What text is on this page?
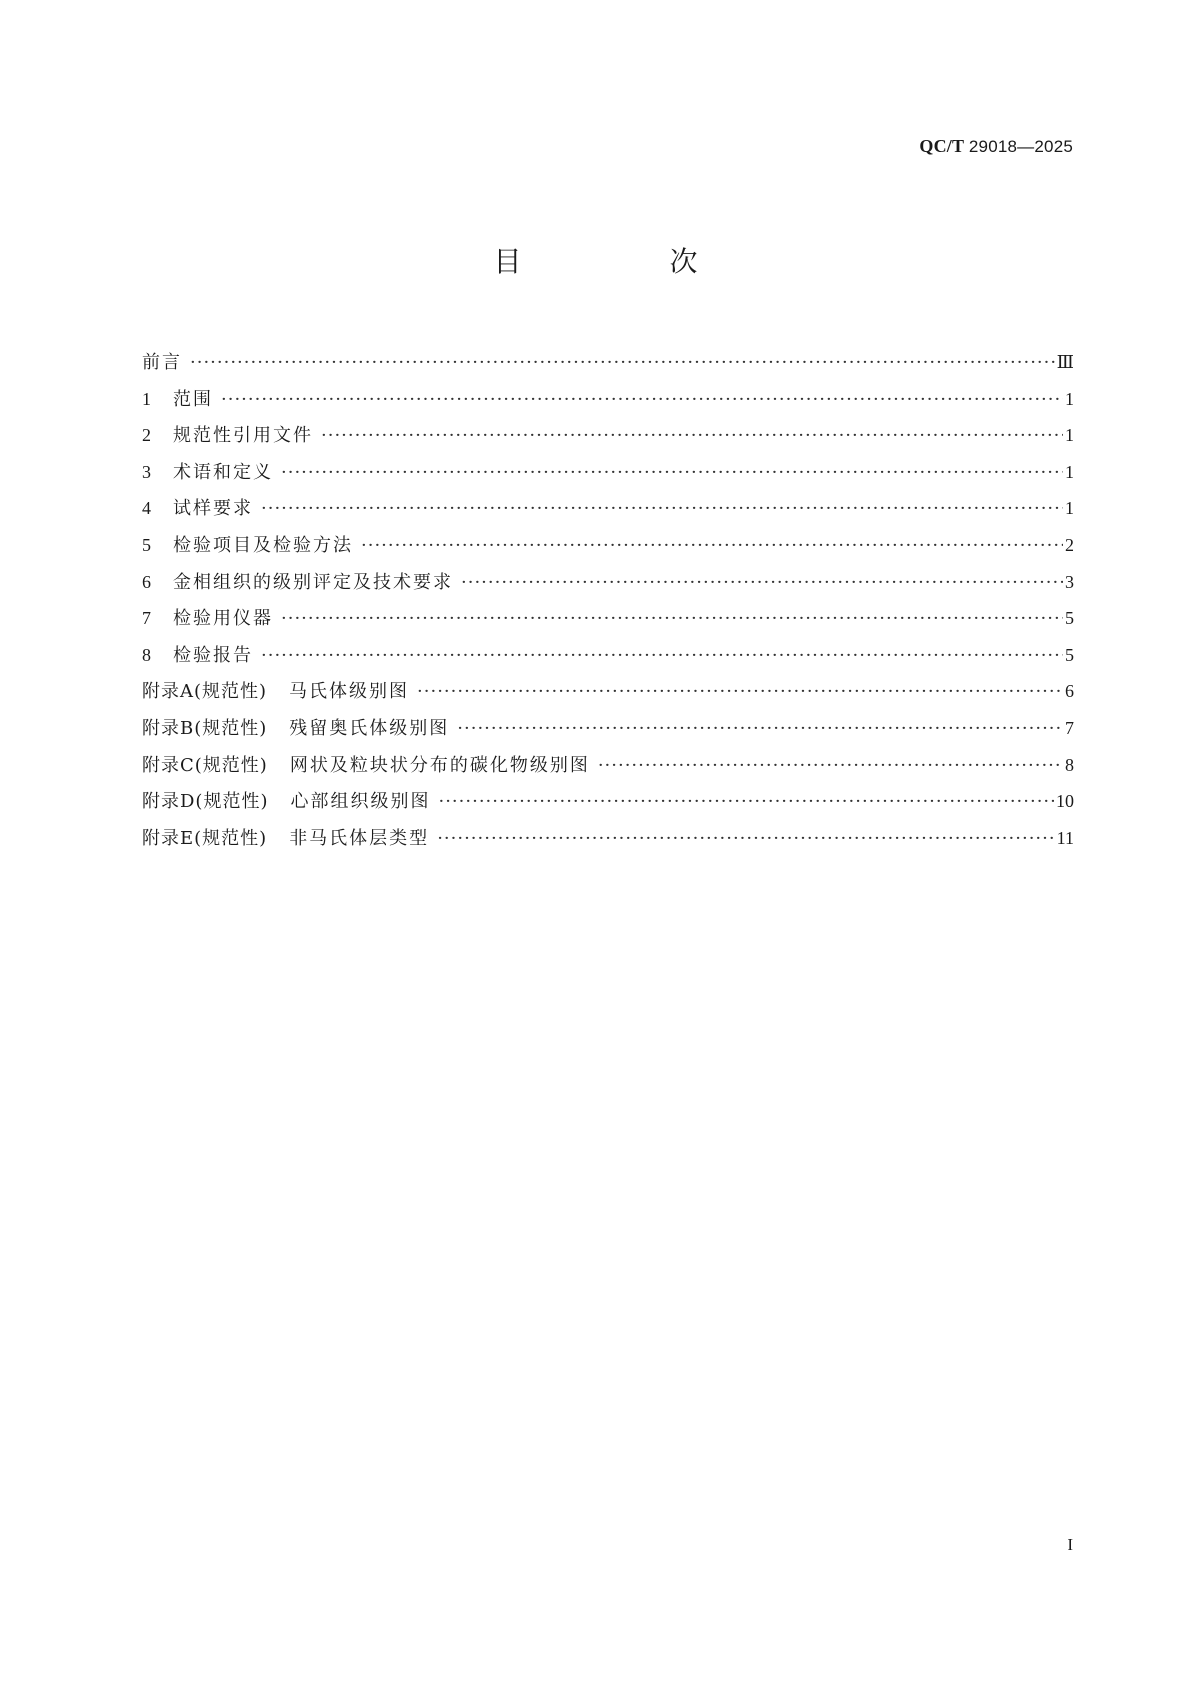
QC/T 29018—2025
目　次
前言 ·····	Ⅲ
1	范围 ·····	1
2	规范性引用文件 ·····	1
3	术语和定义 ·····	1
4	试样要求 ·····	1
5	检验项目及检验方法 ·····	2
6	金相组织的级别评定及技术要求 ·····	3
7	检验用仪器 ·····	5
8	检验报告 ·····	5
附录A(规范性) 马氏体级别图 ·····	6
附录B(规范性) 残留奥氏体级别图 ·····	7
附录C(规范性) 网状及粒块状分布的碳化物级别图 ·····	8
附录D(规范性) 心部组织级别图 ·····	10
附录E(规范性) 非马氏体层类型 ·····	11
I
